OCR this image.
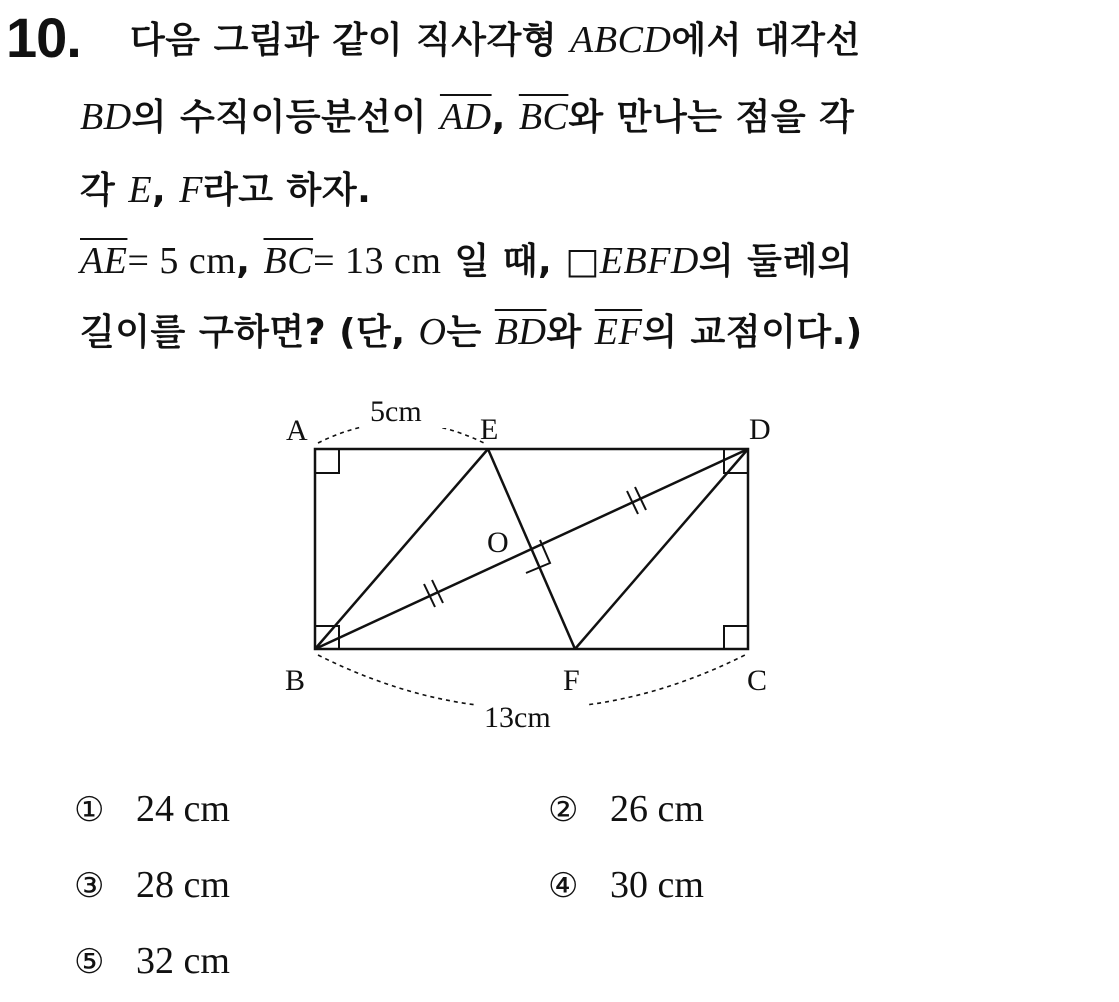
10. 다음 그림과 같이 직사각형 ABCD에서 대각선
BD의 수직이등분선이 $\overline{AD}$, $\overline{BC}$와 만나는 점을 각
각 E, F라고 하자.
$\overline{AE}= 5$ cm, $\overline{BC}= 13$ cm 일 때, □EBFD의 둘레의
길이를 구하면? (단, O는 $\overline{BD}$와 $\overline{EF}$의 교점이다.)
A	E	D
O
B	F	C
5cm
13cm
① 24 cm	② 26 cm
③ 28 cm	④ 30 cm
⑤ 32 cm
